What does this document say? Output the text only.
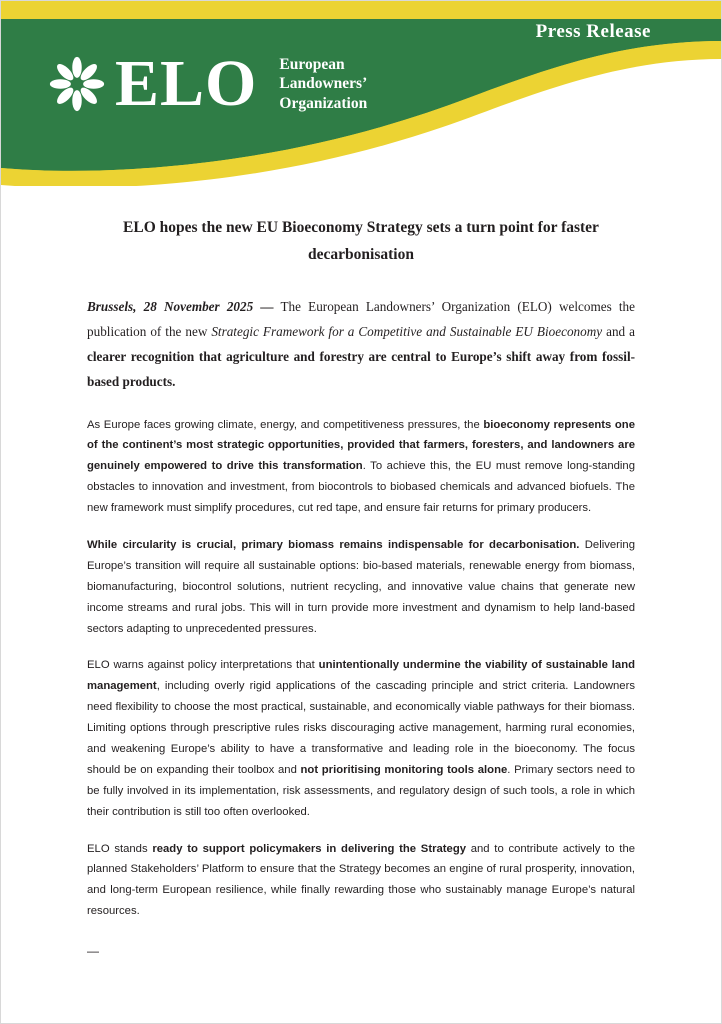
Press Release
ELO European
Landowners’
Organization
ELO hopes the new EU Bioeconomy Strategy sets a turn point for faster decarbonisation

Brussels, 28 November 2025 — The European Landowners’ Organization (ELO) welcomes the publication of the new Strategic Framework for a Competitive and Sustainable EU Bioeconomy and a clearer recognition that agriculture and forestry are central to Europe’s shift away from fossil-based products.

As Europe faces growing climate, energy, and competitiveness pressures, the bioeconomy represents one of the continent’s most strategic opportunities, provided that farmers, foresters, and landowners are genuinely empowered to drive this transformation. To achieve this, the EU must remove long-standing obstacles to innovation and investment, from biocontrols to biobased chemicals and advanced biofuels. The new framework must simplify procedures, cut red tape, and ensure fair returns for primary producers.

While circularity is crucial, primary biomass remains indispensable for decarbonisation. Delivering Europe’s transition will require all sustainable options: bio-based materials, renewable energy from biomass, biomanufacturing, biocontrol solutions, nutrient recycling, and innovative value chains that generate new income streams and rural jobs. This will in turn provide more investment and dynamism to help land-based sectors adapting to unprecedented pressures.

ELO warns against policy interpretations that unintentionally undermine the viability of sustainable land management, including overly rigid applications of the cascading principle and strict criteria. Landowners need flexibility to choose the most practical, sustainable, and economically viable pathways for their biomass. Limiting options through prescriptive rules risks discouraging active management, harming rural economies, and weakening Europe’s ability to have a transformative and leading role in the bioeconomy. The focus should be on expanding their toolbox and not prioritising monitoring tools alone. Primary sectors need to be fully involved in its implementation, risk assessments, and regulatory design of such tools, a role in which their contribution is still too often overlooked.

ELO stands ready to support policymakers in delivering the Strategy and to contribute actively to the planned Stakeholders’ Platform to ensure that the Strategy becomes an engine of rural prosperity, innovation, and long-term European resilience, while finally rewarding those who sustainably manage Europe’s natural resources.

—
